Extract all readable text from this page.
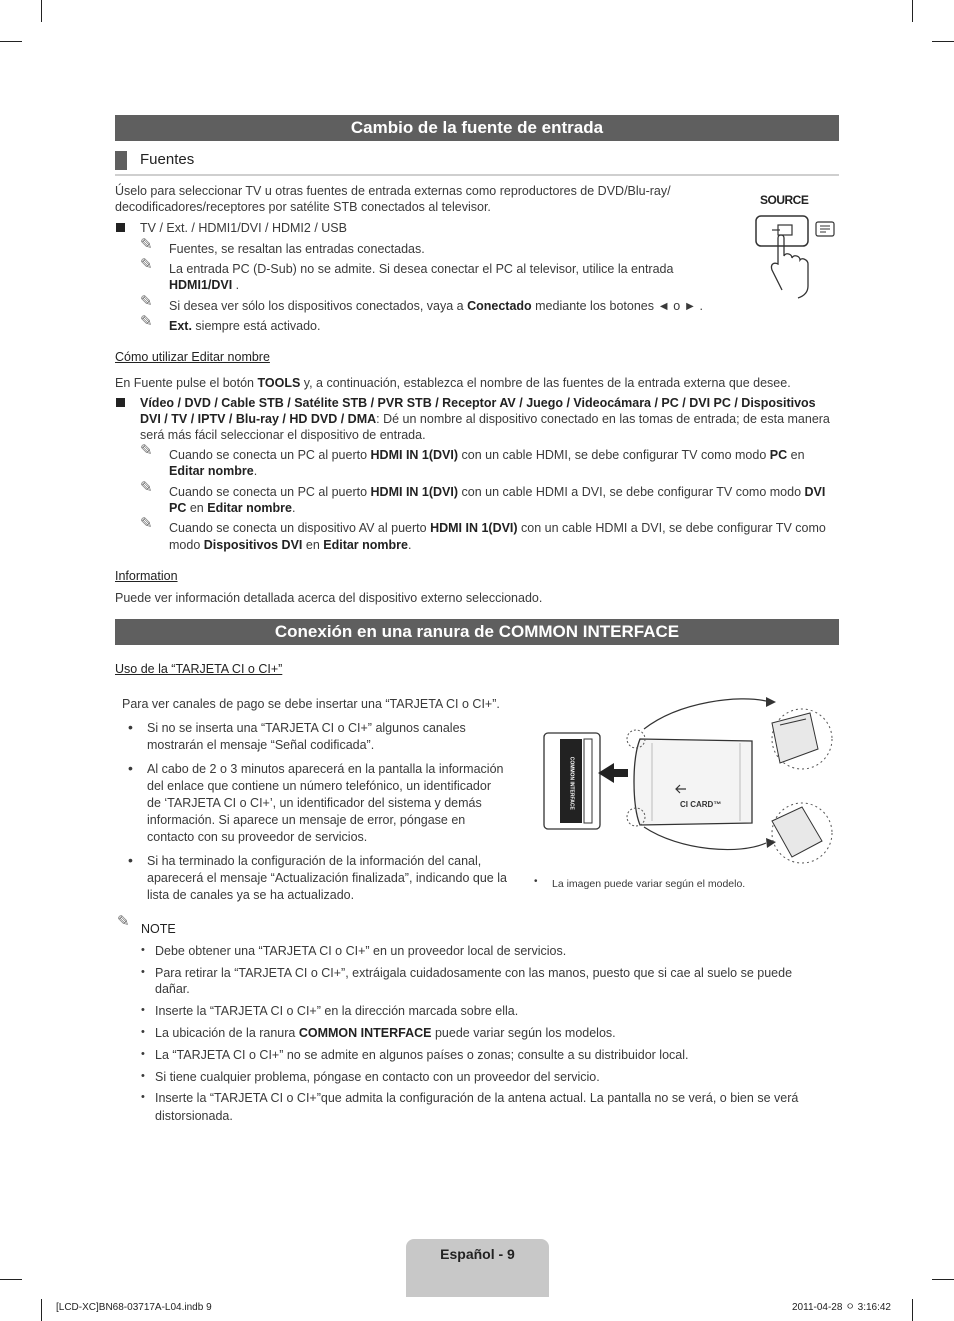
Cambio de la fuente de entrada
Fuentes
Úselo para seleccionar TV u otras fuentes de entrada externas como reproductores de DVD/Blu-ray/
decodificadores/receptores por satélite STB conectados al televisor.
TV / Ext. / HDMI1/DVI / HDMI2 / USB
✎ Fuentes, se resaltan las entradas conectadas.
✎ La entrada PC (D-Sub) no se admite. Si desea conectar el PC al televisor, utilice la entrada
HDMI1/DVI .
✎ Si desea ver sólo los dispositivos conectados, vaya a Conectado mediante los botones ◄ o ► .
✎ Ext. siempre está activado.
SOURCE
Cómo utilizar Editar nombre
En Fuente pulse el botón TOOLS y, a continuación, establezca el nombre de las fuentes de la entrada externa que desee.
Vídeo / DVD / Cable STB / Satélite STB / PVR STB / Receptor AV / Juego / Videocámara / PC / DVI PC / Dispositivos
DVI / TV / IPTV / Blu-ray / HD DVD / DMA: Dé un nombre al dispositivo conectado en las tomas de entrada; de esta manera
será más fácil seleccionar el dispositivo de entrada.
✎ Cuando se conecta un PC al puerto HDMI IN 1(DVI) con un cable HDMI, se debe configurar TV como modo PC en
Editar nombre.
✎ Cuando se conecta un PC al puerto HDMI IN 1(DVI) con un cable HDMI a DVI, se debe configurar TV como modo DVI
PC en Editar nombre.
✎ Cuando se conecta un dispositivo AV al puerto HDMI IN 1(DVI) con un cable HDMI a DVI, se debe configurar TV como
modo Dispositivos DVI en Editar nombre.
Information
Puede ver información detallada acerca del dispositivo externo seleccionado.
Conexión en una ranura de COMMON INTERFACE
Uso de la “TARJETA CI o CI+”
Para ver canales de pago se debe insertar una “TARJETA CI o CI+”.
• Si no se inserta una “TARJETA CI o CI+” algunos canales
mostrarán el mensaje “Señal codificada”.
• Al cabo de 2 o 3 minutos aparecerá en la pantalla la información
del enlace que contiene un número telefónico, un identificador
de ‘TARJETA CI o CI+’, un identificador del sistema y demás
información. Si aparece un mensaje de error, póngase en
contacto con su proveedor de servicios.
• Si ha terminado la configuración de la información del canal,
aparecerá el mensaje “Actualización finalizada”, indicando que la
lista de canales ya se ha actualizado.
COMMON INTERFACE	CI CARD™
• La imagen puede variar según el modelo.
✎ NOTE
• Debe obtener una “TARJETA CI o CI+” en un proveedor local de servicios.
• Para retirar la “TARJETA CI o CI+”, extráigala cuidadosamente con las manos, puesto que si cae al suelo se puede
dañar.
• Inserte la “TARJETA CI o CI+” en la dirección marcada sobre ella.
• La ubicación de la ranura COMMON INTERFACE puede variar según los modelos.
• La “TARJETA CI o CI+” no se admite en algunos países o zonas; consulte a su distribuidor local.
• Si tiene cualquier problema, póngase en contacto con un proveedor del servicio.
• Inserte la “TARJETA CI o CI+”que admita la configuración de la antena actual. La pantalla no se verá, o bien se verá
distorsionada.
Español - 9
[LCD-XC]BN68-03717A-L04.indb 9	2011-04-28 ㅇ 3:16:42
